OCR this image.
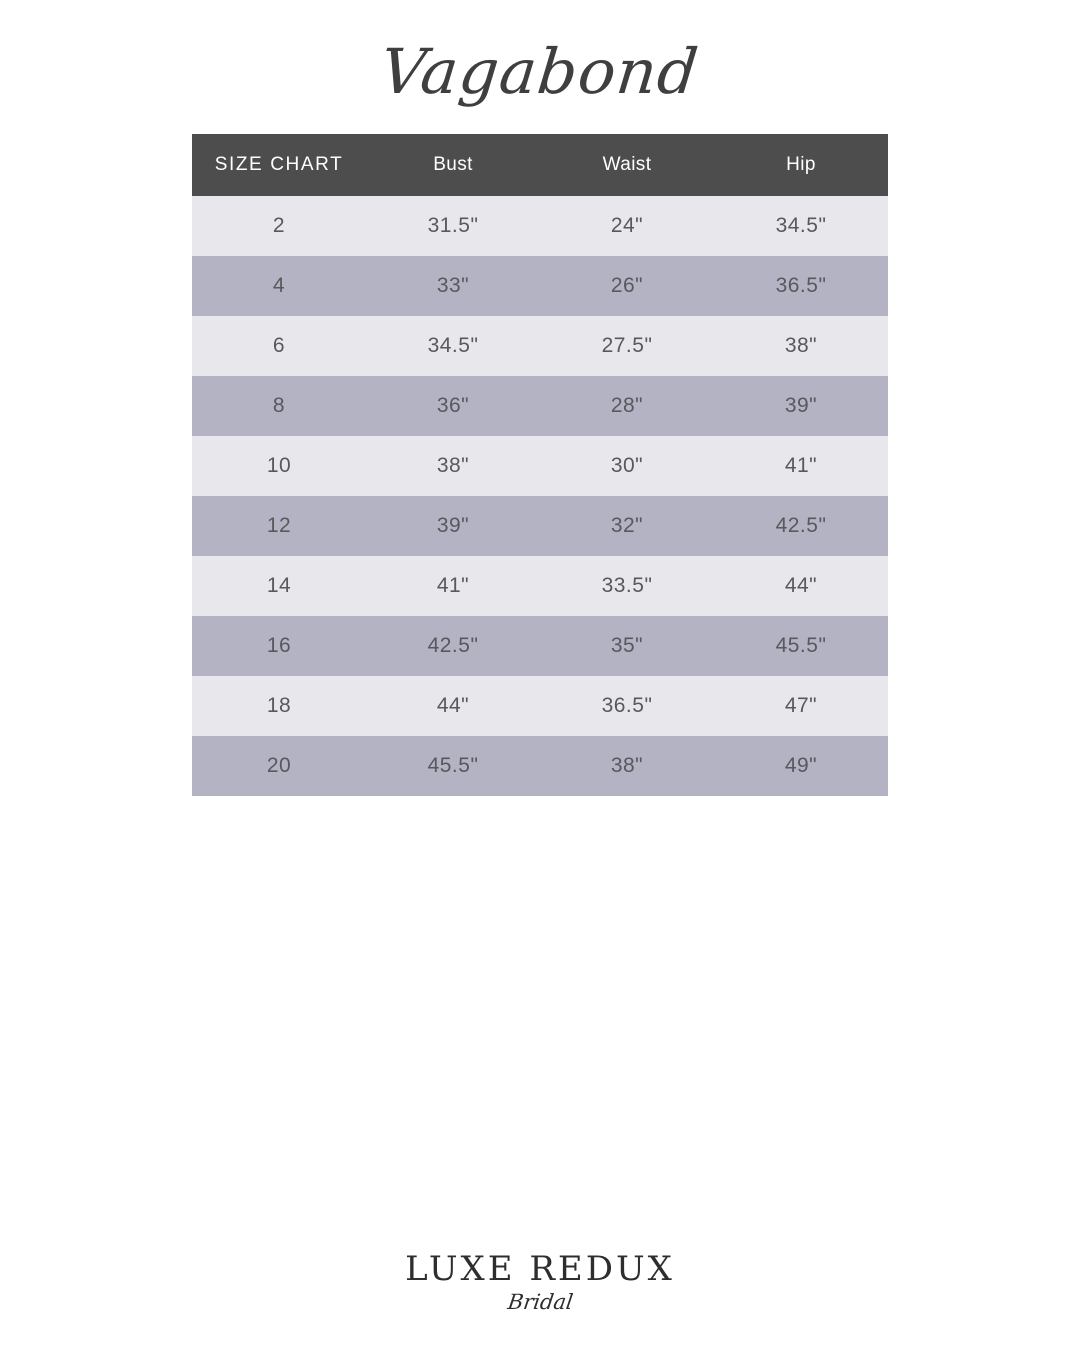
Vagabond
SIZE CHART	Bust	Waist	Hip
2	31.5"	24"	34.5"
4	33"	26"	36.5"
6	34.5"	27.5"	38"
8	36"	28"	39"
10	38"	30"	41"
12	39"	32"	42.5"
14	41"	33.5"	44"
16	42.5"	35"	45.5"
18	44"	36.5"	47"
20	45.5"	38"	49"
LUXE REDUX
Bridal
